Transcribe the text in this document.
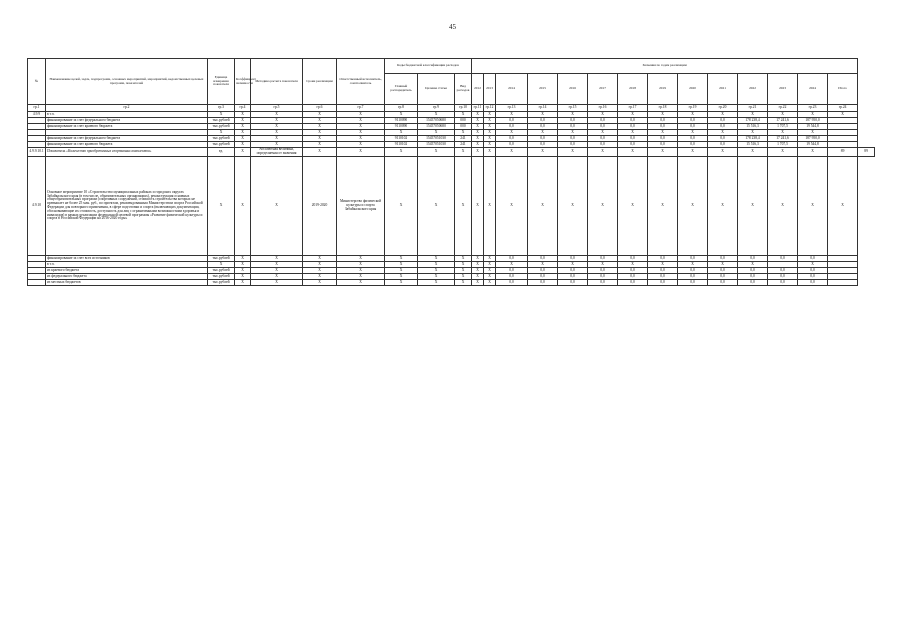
45
№	Наименование целей, задач, подпрограмм, основных мероприятий, мероприятий, ведомственных целевых программ, показателей	Единица измерения показателя	Коэффициент значимости	Методика расчета показателя	Сроки реализации	Ответственный исполнитель, соисполнитель	Коды бюджетной классификации расходов			Значения по годам реализации														
							Главный распорядитель	Целевая статья	Вид расходов	2012	2013	2014	2015	2016	2017	2018	2019	2020	2021	2022	2023	2024	Итого	
гр.1	гр.2	гр.3	гр.4	гр.5	гр.6	гр.7	гр.8	гр.9	гр.10	гр.11	гр.12	гр.13	гр.14	гр.15	гр.16	гр.17	гр.18	гр.19	гр.20	гр.21	гр.22	гр.23	гр.24	
4.9.9	в т.ч.	X	X	X	X	X	X	X	X	X	X	X	X	X	X	X	X	X	X	X	X	X	X	
	финансирование за счет федерального бюджета	тыс.рублей	X	X	X	X	9110090	15457050680	000	X	X	0,0	0,0	0,0	0,0	0,0	0,0	0,0	0,0	178 238,4	17 241,6	187 950,0		
	финансирование за счет краевого бюджета	тыс.рублей	X	X	X	X	9110090	15457050680	000	X	X	0,0	0,0	0,0	0,0	0,0	0,0	0,0	0,0	15 516,3	1 707,5	19 544,8		
		X	X	X	X	X	X	X	X	X	X	X	X	X	X	X	X	X	X	X	X	X		
	финансирование за счет федерального бюджета	тыс.рублей	X	X	X	X	9110102	15457051030	241	X	X	0,0	0,0	0,0	0,0	0,0	0,0	0,0	0,0	178 238,4	17 241,6	187 950,0		
	финансирование за счет краевого бюджета	тыс.рублей	X	X	X	X	9110102	15457051030	241	X	X	0,0	0,0	0,0	0,0	0,0	0,0	0,0	0,0	15 516,3	1 707,5	19 544,8		
4.9.9.10.1	Показатель «Количество приобретенных спортивных комплектов»	ед.	X	Абсолютная величина, определяемая от значения	X	X	X	X	X	X	X	X	X	X	X	X	X	X	X	X	X	X	89	89
4.9.10	Основное мероприятие 10 «Строительство муниципальных районах и городских округах Забайкальского края (в том числе, образовательных организациях), реконструкция основных общеобразовательных программ (спортивных сооружений, стоимость строительства которых не превышает не более 25 млн. руб., по проектам, рекомендованным Министерством спорта Российской Федерации для повторного применения, в сфере подготовки и спорта (включающих документации, обосновывающие их стоимость, доступность для лиц с ограниченными возможностями здоровья и инвалидов) в рамках реализации федеральной целевой программы «Развитие физической культуры и спорта в Российской Федерации на 2016-2020 годы»	X	X	X	2019-2020	Министерство физической культуры и спорта Забайкальского края	X	X	X	X	X	X	X	X	X	X	X	X	X	X	X	X	X	
	финансирование за счет всех источников	тыс.рублей	X	X	X	X	X	X	X	X	X	0,0	0,0	0,0	0,0	0,0	0,0	0,0	0,0	0,0	0,0	0,0		
	в т.ч.	X	X	X	X	X	X	X	X	X	X	X	X	X	X	X	X	X	X	X		X		
	из краевого бюджета	тыс.рублей	X	X	X	X	X	X	X	X	X	0,0	0,0	0,0	0,0	0,0	0,0	0,0	0,0	0,0	0,0	0,0		
	из федерального бюджета	тыс.рублей	X	X	X	X	X	X	X	X	X	0,0	0,0	0,0	0,0	0,0	0,0	0,0	0,0	0,0	0,0	0,0		
	из местных бюджетов	тыс.рублей	X	X	X	X	X	X	X	X	X	0,0	0,0	0,0	0,0	0,0	0,0	0,0	0,0	0,0	0,0	0,0		
